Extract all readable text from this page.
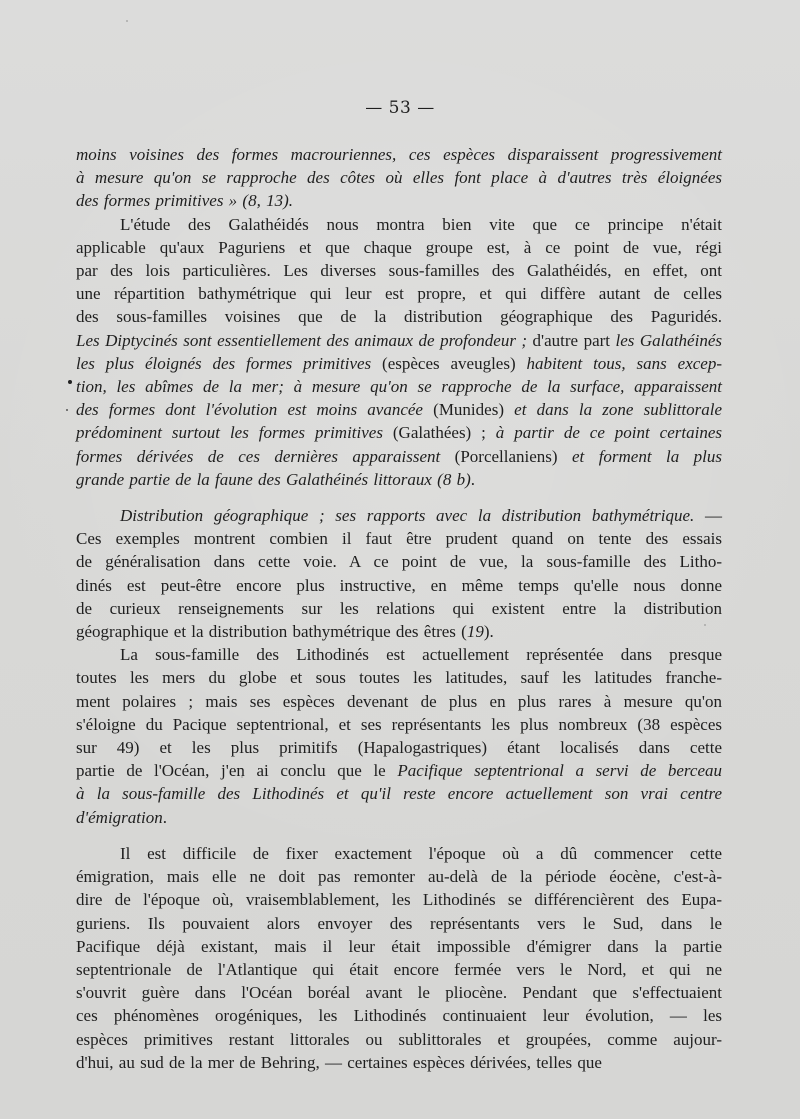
— 53 —
moins voisines des formes macrouriennes, ces espèces disparaissent progressivement
à mesure qu'on se rapproche des côtes où elles font place à d'autres très éloignées
des formes primitives » (8, 13).
L'étude des Galathéidés nous montra bien vite que ce principe n'était
applicable qu'aux Paguriens et que chaque groupe est, à ce point de vue, régi
par des lois particulières. Les diverses sous-familles des Galathéidés, en effet, ont
une répartition bathymétrique qui leur est propre, et qui diffère autant de celles
des sous-familles voisines que de la distribution géographique des Paguridés.
Les Diptycinés sont essentiellement des animaux de profondeur ; d'autre part les Galathéinés
les plus éloignés des formes primitives (espèces aveugles) habitent tous, sans excep-
tion, les abîmes de la mer; à mesure qu'on se rapproche de la surface, apparaissent
des formes dont l'évolution est moins avancée (Munides) et dans la zone sublittorale
prédominent surtout les formes primitives (Galathées) ; à partir de ce point certaines
formes dérivées de ces dernières apparaissent (Porcellaniens) et forment la plus
grande partie de la faune des Galathéinés littoraux (8 b).
Distribution géographique ; ses rapports avec la distribution bathymétrique. —
Ces exemples montrent combien il faut être prudent quand on tente des essais
de généralisation dans cette voie. A ce point de vue, la sous-famille des Litho-
dinés est peut-être encore plus instructive, en même temps qu'elle nous donne
de curieux renseignements sur les relations qui existent entre la distribution
géographique et la distribution bathymétrique des êtres (19).
La sous-famille des Lithodinés est actuellement représentée dans presque
toutes les mers du globe et sous toutes les latitudes, sauf les latitudes franche-
ment polaires ; mais ses espèces devenant de plus en plus rares à mesure qu'on
s'éloigne du Pacique septentrional, et ses représentants les plus nombreux (38 espèces
sur 49) et les plus primitifs (Hapalogastriques) étant localisés dans cette
partie de l'Océan, j'en ai conclu que le Pacifique septentrional a servi de berceau
à la sous-famille des Lithodinés et qu'il reste encore actuellement son vrai centre
d'émigration.
Il est difficile de fixer exactement l'époque où a dû commencer cette
émigration, mais elle ne doit pas remonter au-delà de la période éocène, c'est-à-
dire de l'époque où, vraisemblablement, les Lithodinés se différencièrent des Eupa-
guriens. Ils pouvaient alors envoyer des représentants vers le Sud, dans le
Pacifique déjà existant, mais il leur était impossible d'émigrer dans la partie
septentrionale de l'Atlantique qui était encore fermée vers le Nord, et qui ne
s'ouvrit guère dans l'Océan boréal avant le pliocène. Pendant que s'effectuaient
ces phénomènes orogéniques, les Lithodinés continuaient leur évolution, — les
espèces primitives restant littorales ou sublittorales et groupées, comme aujour-
d'hui, au sud de la mer de Behring, — certaines espèces dérivées, telles que
